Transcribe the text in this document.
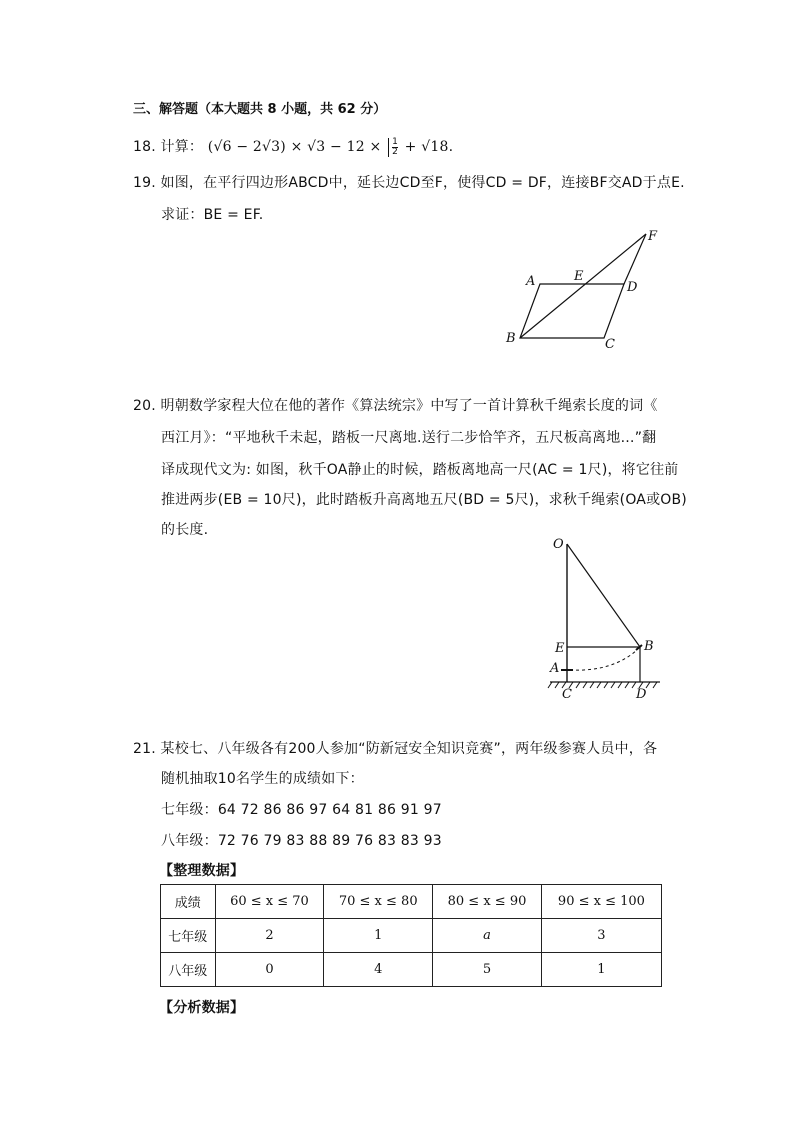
三、解答题（本大题共 8 小题，共 62 分）
18. 计算： $(√6 - 2√3) \times √3 - 12 \times \frac{1}{2} + √18$.
19. 如图，在平行四边形ABCD中，延长边CD至F，使得CD = DF，连接BF交AD于点E.
求证：BE = EF.
A	E
D
B	C
F
20. 明朝数学家程大位在他的著作《算法统宗》中写了一首计算秋千绳索长度的词《
西江月》：“平地秋千未起，踏板一尺离地.送行二步恰竿齐，五尺板高离地…”翻
译成现代文为: 如图，秋千OA静止的时候，踏板离地高一尺(AC = 1尺)，将它往前
推进两步(EB = 10尺)，此时踏板升高离地五尺(BD = 5尺)，求秋千绳索(OA或OB)
的长度.
O
E	B
A
C	D
21. 某校七、八年级各有200人参加“防新冠安全知识竞赛”，两年级参赛人员中，各
随机抽取10名学生的成绩如下：
七年级：64 72 86 86 97 64 81 86 91 97
八年级：72 76 79 83 88 89 76 83 83 93
【整理数据】
成绩	60 ≤ x ≤ 70	70 ≤ x ≤ 80	80 ≤ x ≤ 90	90 ≤ x ≤ 100
七年级	2	1	a	3
八年级	0	4	5	1
【分析数据】
